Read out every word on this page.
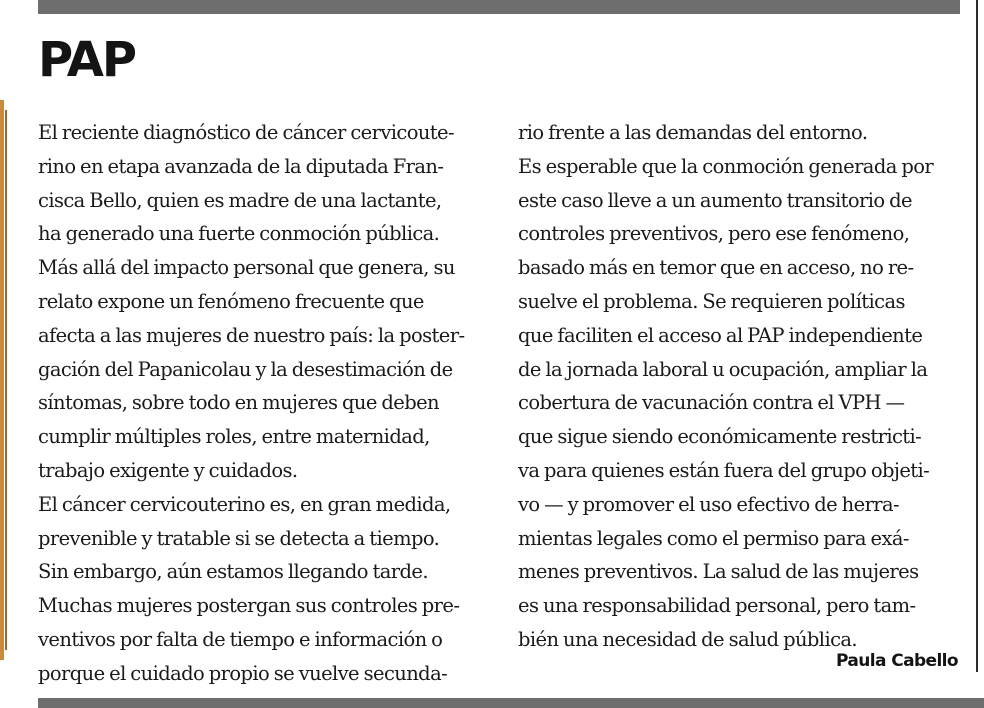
PAP
El reciente diagnóstico de cáncer cervicoute-
rino en etapa avanzada de la diputada Fran-
cisca Bello, quien es madre de una lactante,
ha generado una fuerte conmoción pública.
Más allá del impacto personal que genera, su
relato expone un fenómeno frecuente que
afecta a las mujeres de nuestro país: la poster-
gación del Papanicolau y la desestimación de
síntomas, sobre todo en mujeres que deben
cumplir múltiples roles, entre maternidad,
trabajo exigente y cuidados.
El cáncer cervicouterino es, en gran medida,
prevenible y tratable si se detecta a tiempo.
Sin embargo, aún estamos llegando tarde.
Muchas mujeres postergan sus controles pre-
ventivos por falta de tiempo e información o
porque el cuidado propio se vuelve secunda-
rio frente a las demandas del entorno.
Es esperable que la conmoción generada por
este caso lleve a un aumento transitorio de
controles preventivos, pero ese fenómeno,
basado más en temor que en acceso, no re-
suelve el problema. Se requieren políticas
que faciliten el acceso al PAP independiente
de la jornada laboral u ocupación, ampliar la
cobertura de vacunación contra el VPH —
que sigue siendo económicamente restricti-
va para quienes están fuera del grupo objeti-
vo — y promover el uso efectivo de herra-
mientas legales como el permiso para exá-
menes preventivos. La salud de las mujeres
es una responsabilidad personal, pero tam-
bién una necesidad de salud pública.
Paula Cabello
